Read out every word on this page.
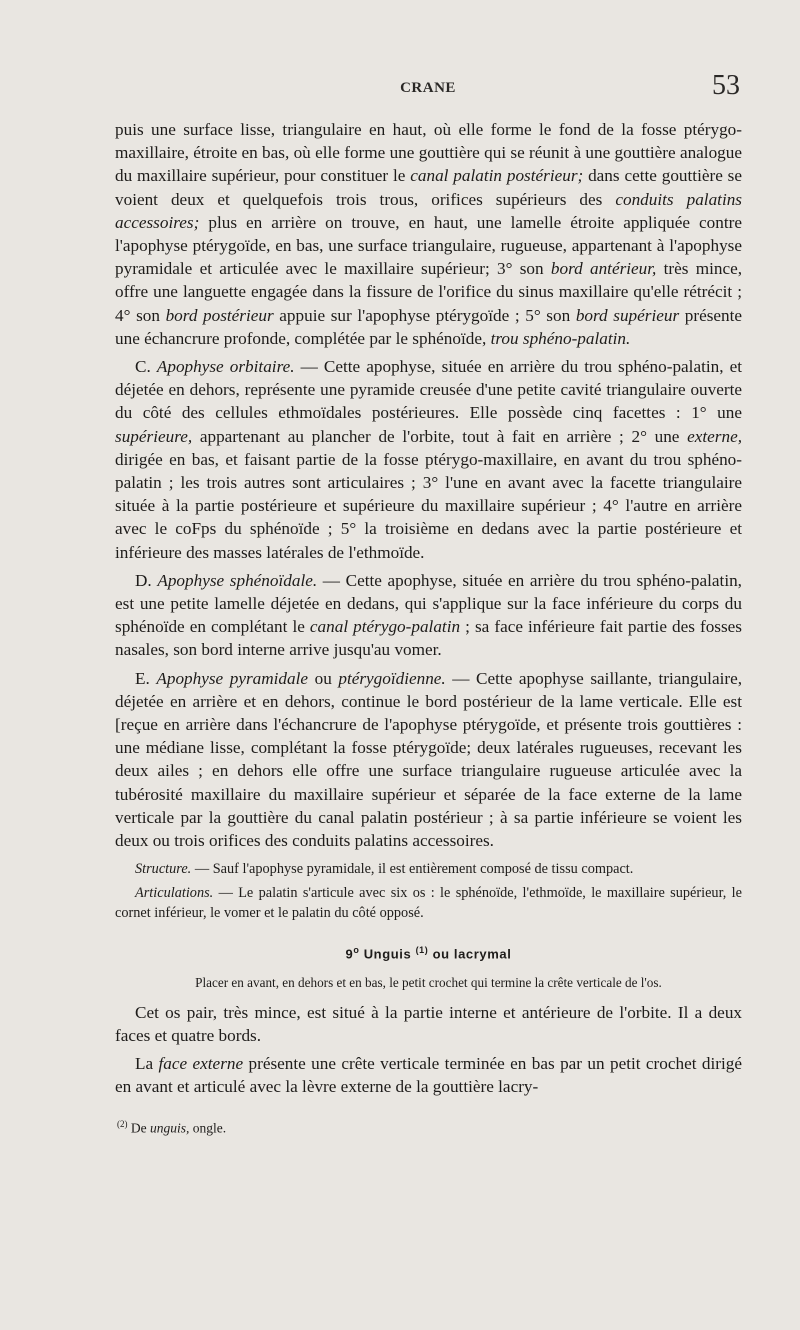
CRANE	53

puis une surface lisse, triangulaire en haut, où elle forme le fond de la fosse ptérygo-maxillaire, étroite en bas, où elle forme une gouttière qui se réunit à une gouttière analogue du maxillaire supérieur, pour constituer le canal palatin postérieur; dans cette gouttière se voient deux et quelquefois trois trous, orifices supérieurs des conduits palatins accessoires; plus en arrière on trouve, en haut, une lamelle étroite appliquée contre l'apophyse ptérygoïde, en bas, une surface triangulaire, rugueuse, appartenant à l'apophyse pyramidale et articulée avec le maxillaire supérieur; 3° son bord antérieur, très mince, offre une languette engagée dans la fissure de l'orifice du sinus maxillaire qu'elle rétrécit ; 4° son bord postérieur appuie sur l'apophyse ptérygoïde ; 5° son bord supérieur présente une échancrure profonde, complétée par le sphénoïde, trou sphéno-palatin.

C. Apophyse orbitaire. — Cette apophyse, située en arrière du trou sphéno-palatin, et déjetée en dehors, représente une pyramide creusée d'une petite cavité triangulaire ouverte du côté des cellules ethmoïdales postérieures. Elle possède cinq facettes : 1° une supérieure, appartenant au plancher de l'orbite, tout à fait en arrière ; 2° une externe, dirigée en bas, et faisant partie de la fosse ptérygo-maxillaire, en avant du trou sphéno-palatin ; les trois autres sont articulaires ; 3° l'une en avant avec la facette triangulaire située à la partie postérieure et supérieure du maxillaire supérieur ; 4° l'autre en arrière avec le coFps du sphénoïde ; 5° la troisième en dedans avec la partie postérieure et inférieure des masses latérales de l'ethmoïde.

D. Apophyse sphénoïdale. — Cette apophyse, située en arrière du trou sphéno-palatin, est une petite lamelle déjetée en dedans, qui s'applique sur la face inférieure du corps du sphénoïde en complétant le canal ptérygo-palatin ; sa face inférieure fait partie des fosses nasales, son bord interne arrive jusqu'au vomer.

E. Apophyse pyramidale ou ptérygoïdienne. — Cette apophyse saillante, triangulaire, déjetée en arrière et en dehors, continue le bord postérieur de la lame verticale. Elle est [reçue en arrière dans l'échancrure de l'apophyse ptérygoïde, et présente trois gouttières : une médiane lisse, complétant la fosse ptérygoïde; deux latérales rugueuses, recevant les deux ailes ; en dehors elle offre une surface triangulaire rugueuse articulée avec la tubérosité maxillaire du maxillaire supérieur et séparée de la face externe de la lame verticale par la gouttière du canal palatin postérieur ; à sa partie inférieure se voient les deux ou trois orifices des conduits palatins accessoires.

Structure. — Sauf l'apophyse pyramidale, il est entièrement composé de tissu compact.

Articulations. — Le palatin s'articule avec six os : le sphénoïde, l'ethmoïde, le maxillaire supérieur, le cornet inférieur, le vomer et le palatin du côté opposé.

9$^o$ Unguis $^{(1)}$ ou lacrymal
Placer en avant, en dehors et en bas, le petit crochet qui termine la crête verticale de l'os.

Cet os pair, très mince, est situé à la partie interne et antérieure de l'orbite. Il a deux faces et quatre bords.

La face externe présente une crête verticale terminée en bas par un petit crochet dirigé en avant et articulé avec la lèvre externe de la gouttière lacry-

$^{(2)}$ De unguis, ongle.
